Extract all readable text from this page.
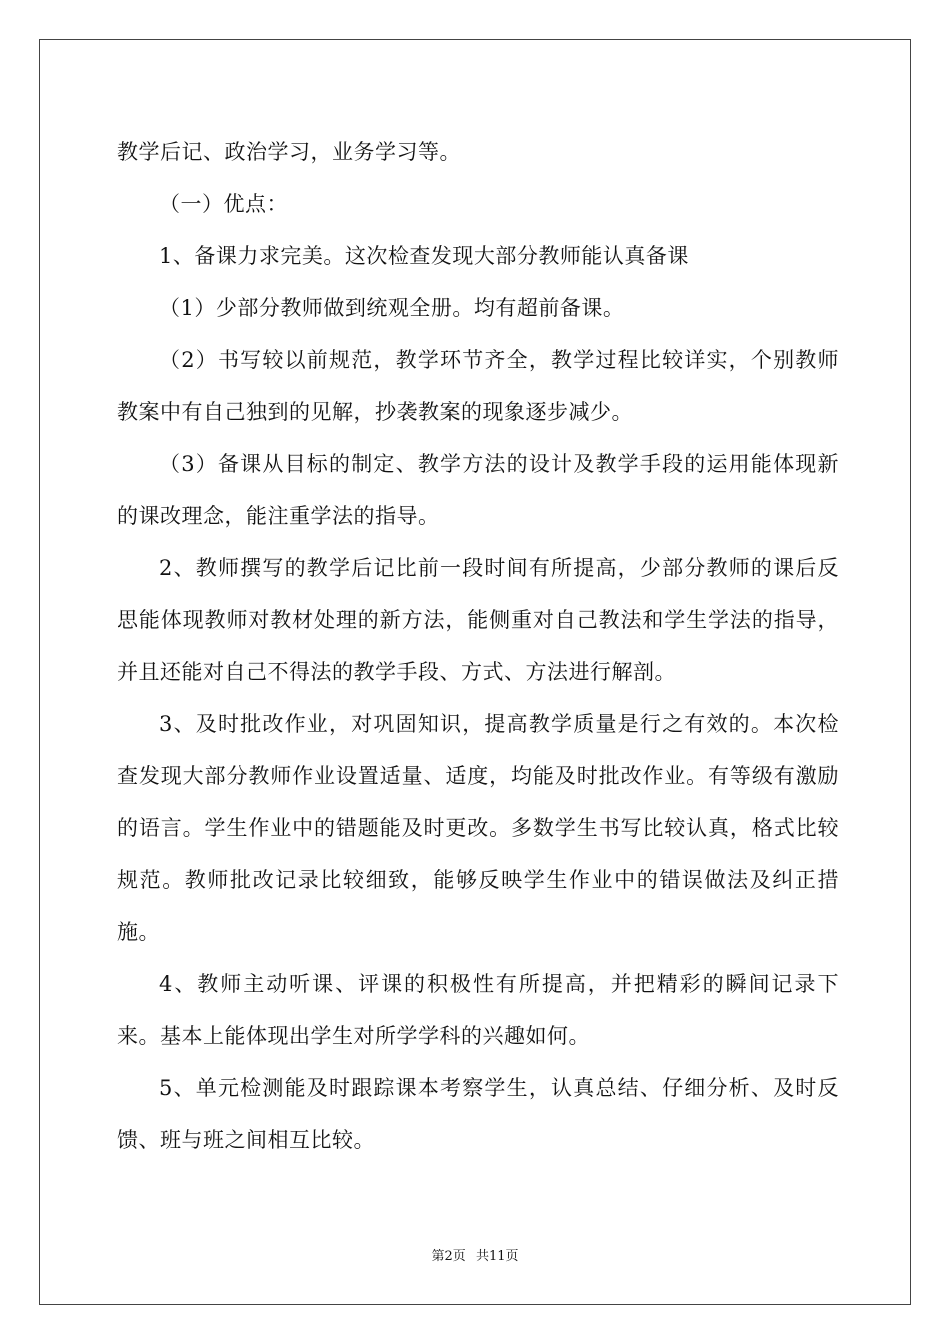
教学后记、政治学习，业务学习等。

（一）优点：

1、备课力求完美。这次检查发现大部分教师能认真备课

（1）少部分教师做到统观全册。均有超前备课。

（2）书写较以前规范，教学环节齐全，教学过程比较详实，个别教师教案中有自己独到的见解，抄袭教案的现象逐步减少。

（3）备课从目标的制定、教学方法的设计及教学手段的运用能体现新的课改理念，能注重学法的指导。

2、教师撰写的教学后记比前一段时间有所提高，少部分教师的课后反思能体现教师对教材处理的新方法，能侧重对自己教法和学生学法的指导，并且还能对自己不得法的教学手段、方式、方法进行解剖。

3、及时批改作业，对巩固知识，提高教学质量是行之有效的。本次检查发现大部分教师作业设置适量、适度，均能及时批改作业。有等级有激励的语言。学生作业中的错题能及时更改。多数学生书写比较认真，格式比较规范。教师批改记录比较细致，能够反映学生作业中的错误做法及纠正措施。

4、教师主动听课、评课的积极性有所提高，并把精彩的瞬间记录下来。基本上能体现出学生对所学学科的兴趣如何。

5、单元检测能及时跟踪课本考察学生，认真总结、仔细分析、及时反馈、班与班之间相互比较。

第2页 共11页
